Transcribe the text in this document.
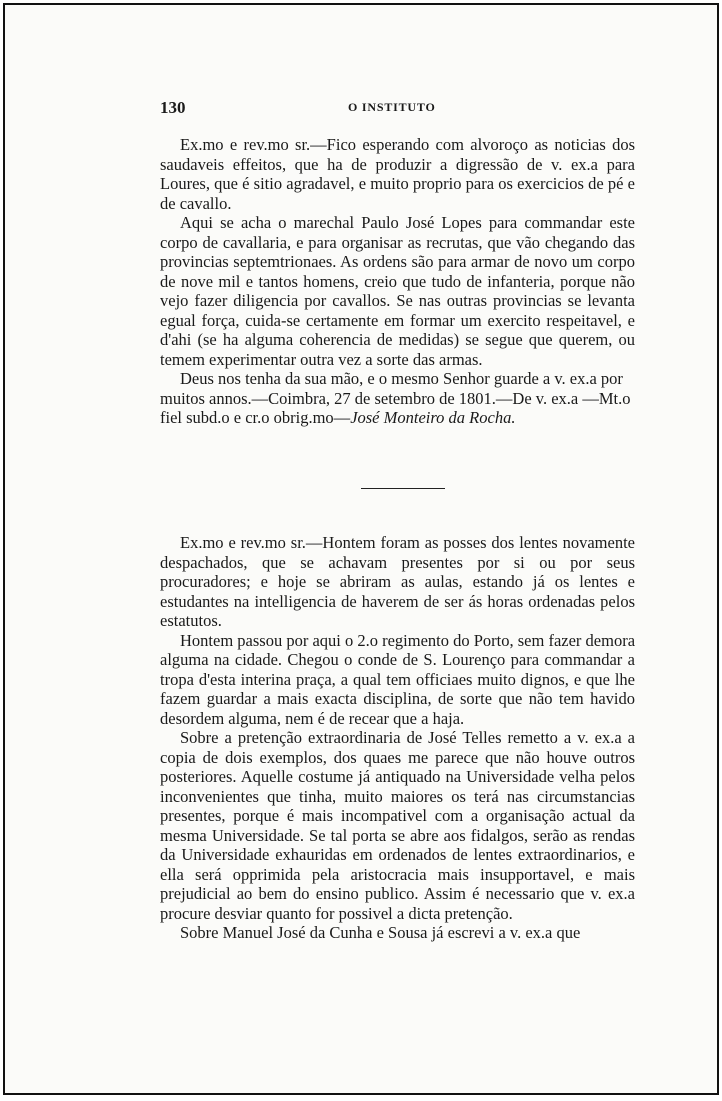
130	O INSTITUTO

Ex.mo e rev.mo sr.—Fico esperando com alvoroço as noticias dos saudaveis effeitos, que ha de produzir a digressão de v. ex.a para Loures, que é sitio agradavel, e muito proprio para os exercicios de pé e de cavallo.

Aqui se acha o marechal Paulo José Lopes para commandar este corpo de cavallaria, e para organisar as recrutas, que vão chegando das provincias septemtrionaes. As ordens são para armar de novo um corpo de nove mil e tantos homens, creio que tudo de infanteria, porque não vejo fazer diligencia por cavallos. Se nas outras provincias se levanta egual força, cuida-se certamente em formar um exercito respeitavel, e d'ahi (se ha alguma coherencia de medidas) se segue que querem, ou temem experimentar outra vez a sorte das armas.

Deus nos tenha da sua mão, e o mesmo Senhor guarde a v. ex.a por muitos annos.—Coimbra, 27 de setembro de 1801.—De v. ex.a —Mt.o fiel subd.o e cr.o obrig.mo—José Monteiro da Rocha.

Ex.mo e rev.mo sr.—Hontem foram as posses dos lentes novamente despachados, que se achavam presentes por si ou por seus procuradores; e hoje se abriram as aulas, estando já os lentes e estudantes na intelligencia de haverem de ser ás horas ordenadas pelos estatutos.

Hontem passou por aqui o 2.o regimento do Porto, sem fazer demora alguma na cidade. Chegou o conde de S. Lourenço para commandar a tropa d'esta interina praça, a qual tem officiaes muito dignos, e que lhe fazem guardar a mais exacta disciplina, de sorte que não tem havido desordem alguma, nem é de recear que a haja.

Sobre a pretenção extraordinaria de José Telles remetto a v. ex.a a copia de dois exemplos, dos quaes me parece que não houve outros posteriores. Aquelle costume já antiquado na Universidade velha pelos inconvenientes que tinha, muito maiores os terá nas circumstancias presentes, porque é mais incompativel com a organisação actual da mesma Universidade. Se tal porta se abre aos fidalgos, serão as rendas da Universidade exhauridas em ordenados de lentes extraordinarios, e ella será opprimida pela aristocracia mais insupportavel, e mais prejudicial ao bem do ensino publico. Assim é necessario que v. ex.a procure desviar quanto for possivel a dicta pretenção.

Sobre Manuel José da Cunha e Sousa já escrevi a v. ex.a que
